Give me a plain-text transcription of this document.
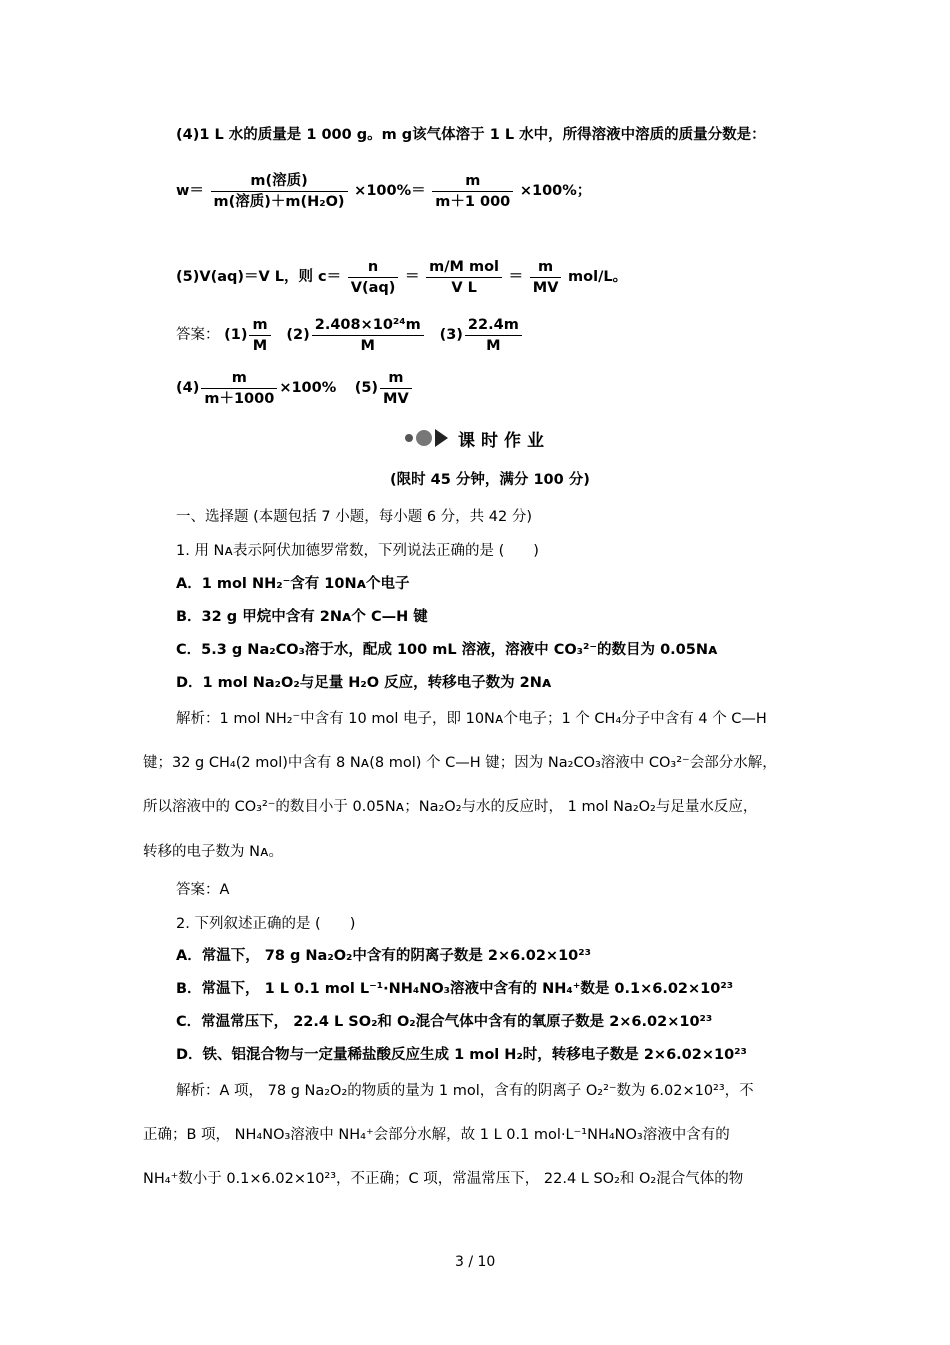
(4)1 L 水的质量是 1 000 g。m g该气体溶于 1 L 水中，所得溶液中溶质的质量分数是：
$w= \frac{\text{m(溶质)}}{\text{m(溶质)＋m(H₂O)}} \times 100\%= \frac{m}{m+1 000} \times 100\%$；
(5)V(aq)＝V L，则 $c= \frac{n}{V(aq)} = \frac{\text{m/M mol}}{\text{V L}} = \frac{m}{MV} mol/L$。
答案： $(1) \frac{m}{M} (2) \frac{\text{2.408×10²⁴m}}{M} (3) \frac{22.4m}{M}$
$(4) \frac{m}{m+1000} \times 100\%$ $(5) \frac{m}{MV}$
课时作业
(限时 45 分钟，满分 100 分)
一、选择题 (本题包括 7 小题，每小题 6 分，共 42 分)
1. 用 Nᴀ表示阿伏加德罗常数，下列说法正确的是 (　　)
A．1 mol NH₂⁻含有 10Nᴀ个电子
B．32 g 甲烷中含有 2Nᴀ个 C—H 键
C．5.3 g Na₂CO₃溶于水，配成 100 mL 溶液，溶液中 CO₃²⁻的数目为 0.05Nᴀ
D．1 mol Na₂O₂与足量 H₂O 反应，转移电子数为 2Nᴀ
解析：1 mol NH₂⁻中含有 10 mol 电子，即 10Nᴀ个电子；1 个 CH₄分子中含有 4 个 C—H
键；32 g CH₄(2 mol)中含有 8 Nᴀ(8 mol) 个 C—H 键；因为 Na₂CO₃溶液中 CO₃²⁻会部分水解，
所以溶液中的 CO₃²⁻的数目小于 0.05Nᴀ；Na₂O₂与水的反应时， 1 mol Na₂O₂与足量水反应，
转移的电子数为 Nᴀ。
答案：A
2. 下列叙述正确的是 (　　)
A．常温下， 78 g Na₂O₂中含有的阴离子数是 2×6.02×10²³
B．常温下， 1 L 0.1 mol L⁻¹·NH₄NO₃溶液中含有的 NH₄⁺数是 0.1×6.02×10²³
C．常温常压下， 22.4 L SO₂和 O₂混合气体中含有的氧原子数是 2×6.02×10²³
D．铁、铝混合物与一定量稀盐酸反应生成 1 mol H₂时，转移电子数是 2×6.02×10²³
解析：A 项， 78 g Na₂O₂的物质的量为 1 mol，含有的阴离子 O₂²⁻数为 6.02×10²³，不
正确；B 项， NH₄NO₃溶液中 NH₄⁺会部分水解，故 1 L 0.1 mol·L⁻¹NH₄NO₃溶液中含有的
NH₄⁺数小于 0.1×6.02×10²³，不正确；C 项，常温常压下， 22.4 L SO₂和 O₂混合气体的物
3 / 10
